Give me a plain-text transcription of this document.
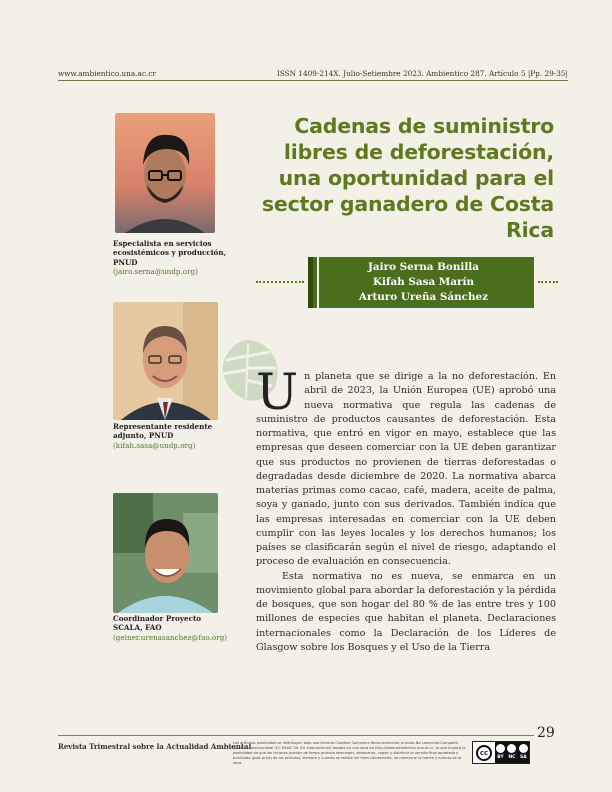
www.ambientico.una.ac.cr	ISSN 1409-214X. Julio-Setiembre 2023. Ambientico 287. Artículo 5 |Pp. 29-35|
Especialista en servicios ecosistémicos y producción, PNUD
(jairo.serna@undp.org)
Representante residente adjunto, PNUD
(kifah.sasa@undp.org)
Coordinador Proyecto SCALA, FAO
(geiner.urenasanchez@fao.org)
Cadenas de suministro libres de deforestación, una oportunidad para el sector ganadero de Costa Rica
Jairo Serna Bonilla
Kifah Sasa Marín
Arturo Ureña Sánchez

Un planeta que se dirige a la no deforestación. En abril de 2023, la Unión Europea (UE) aprobó una nueva normativa que regula las cadenas de suministro de productos causantes de deforestación. Esta normativa, que entró en vigor en mayo, establece que las empresas que deseen comerciar con la UE deben garantizar que sus productos no provienen de tierras deforestadas o degradadas desde diciembre de 2020. La normativa abarca materias primas como cacao, café, madera, aceite de palma, soya y ganado, junto con sus derivados. También indica que las empresas interesadas en comerciar con la UE deben cumplir con las leyes locales y los derechos humanos; los países se clasificarán según el nivel de riesgo, adaptando el proceso de evaluación en consecuencia.

Esta normativa no es nueva, se enmarca en un movimiento global para abordar la deforestación y la pérdida de bosques, que son hogar del 80 % de las entre tres y 100 millones de especies que habitan el planeta. Declaraciones internacionales como la Declaración de los Líderes de Glasgow sobre los Bosques y el Uso de la Tierra

29
Revista Trimestral sobre la Actualidad Ambiental
Los artículos publicados se distribuyen bajo una licencia Creative Commons Reconocimiento al autor-No comercial-Compartir igual 4.0 Internacional (CC BY-NC SA 4.0 Internacional) basada en una obra en http://www.ambientico.una.ac.cr, lo que implica la posibilidad de que los lectores puedan de forma gratuita descargar, almacenar, copiar y distribuir la versión final aprobada y publicada (post print) de los artículos, siempre y cuando se realice sin fines comerciales, se mencione la fuente y autoría de la obra.
cc
BY NC SA
